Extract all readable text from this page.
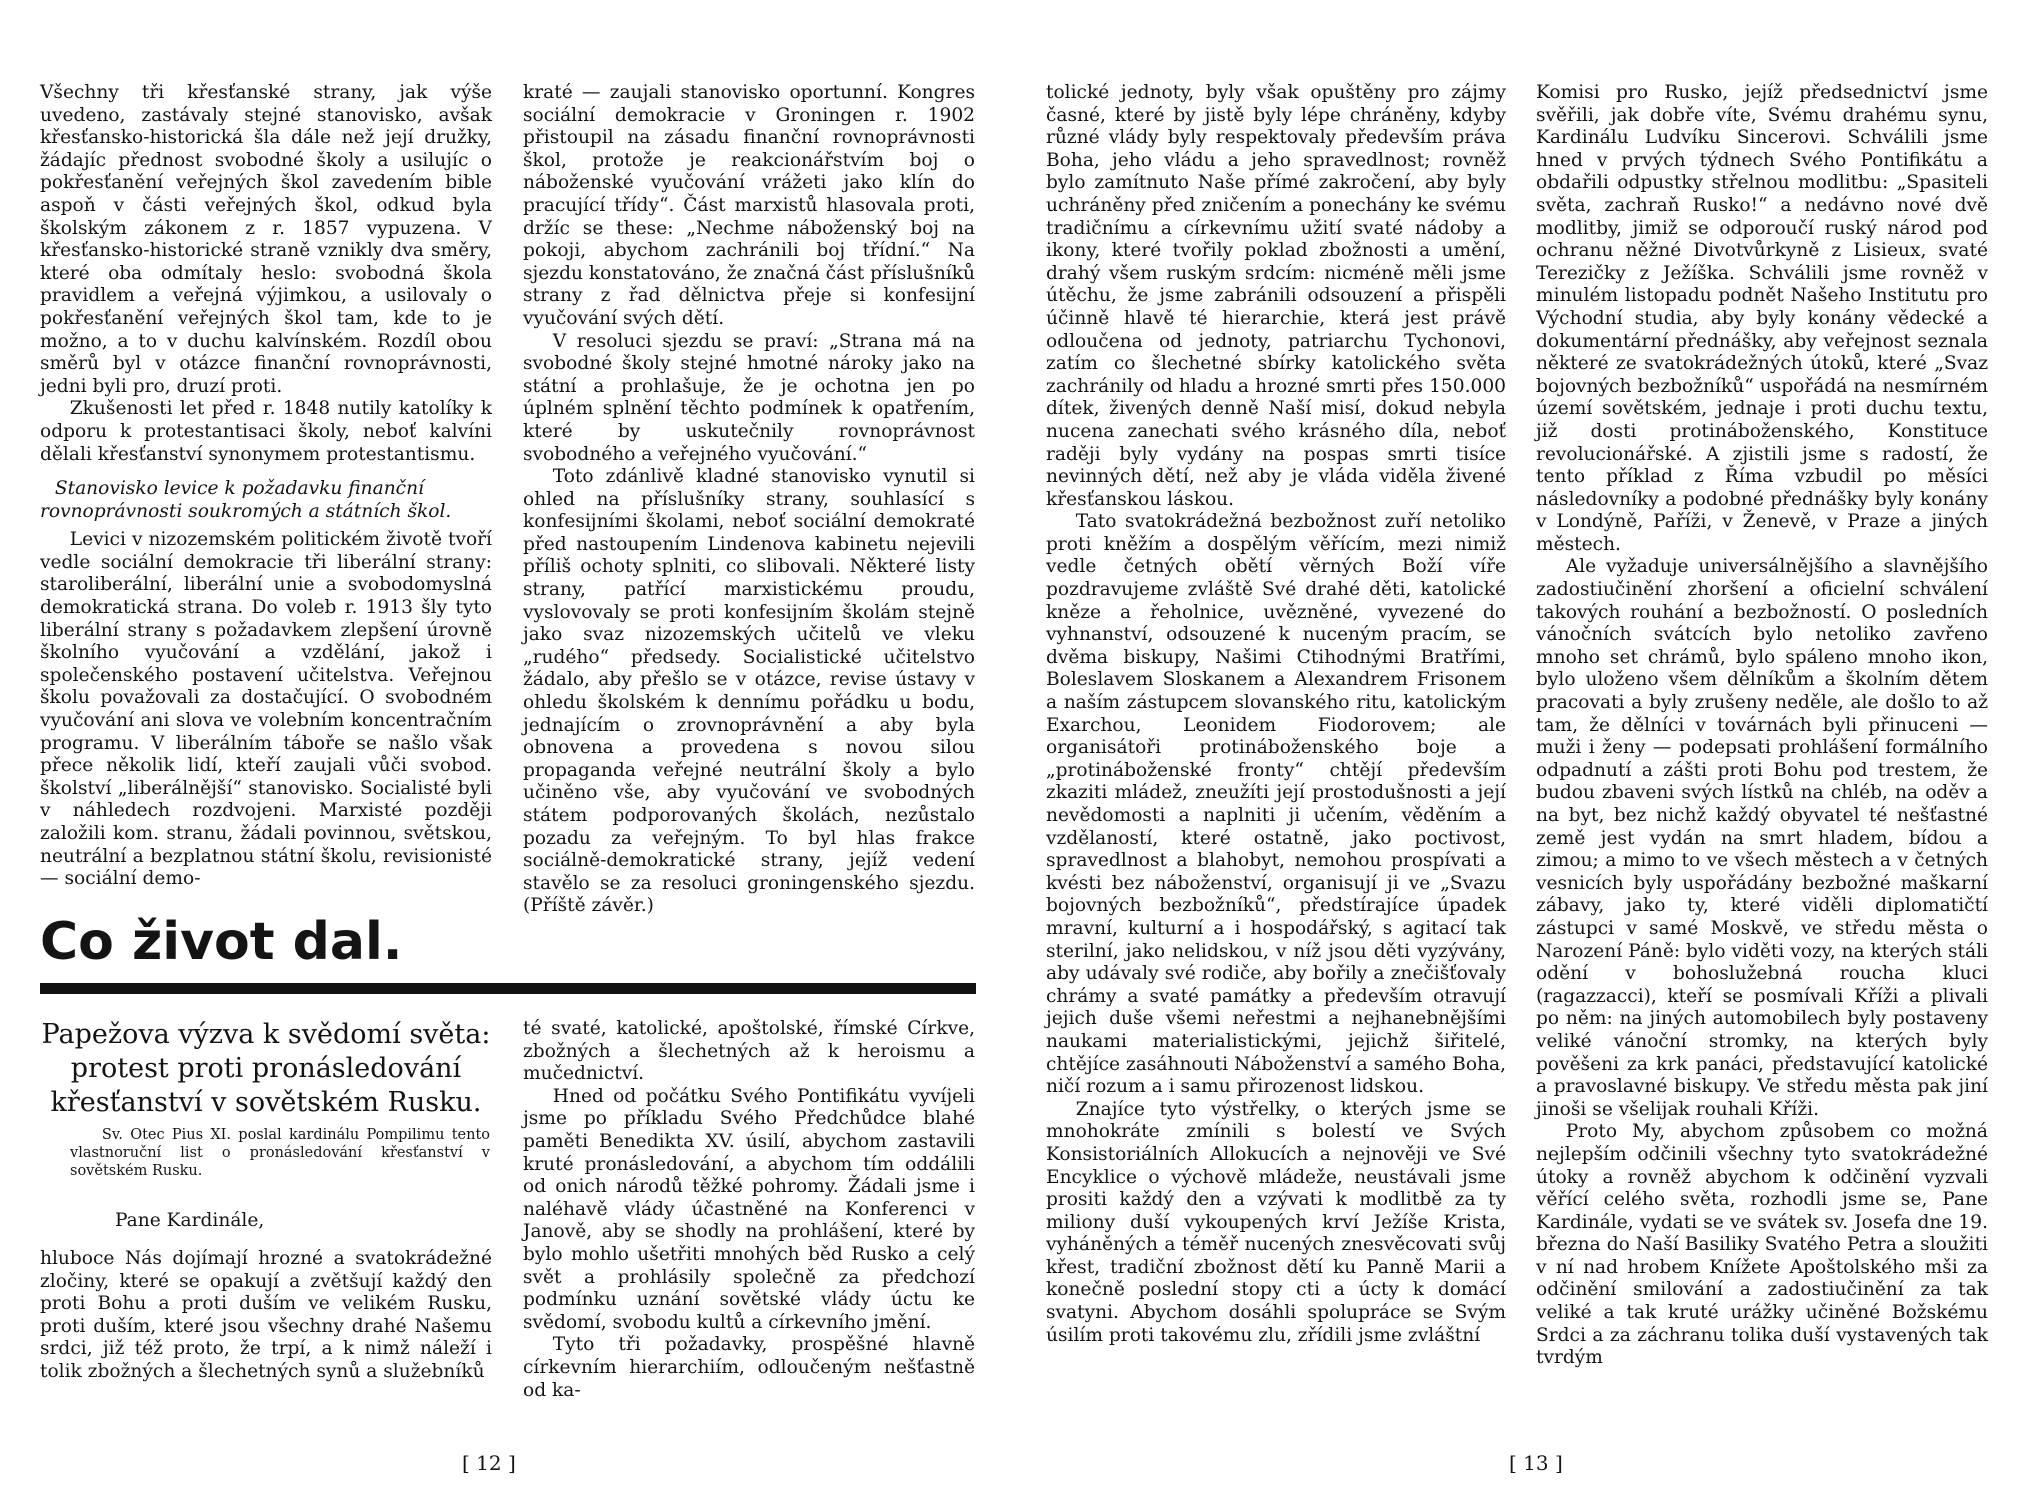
Všechny tři křesťanské strany, jak výše uvedeno, zastávaly stejné stanovisko, avšak křesťansko-historická šla dále než její družky, žádajíc přednost svobodné školy a usilujíc o pokřesťanění veřejných škol zavedením bible aspoň v části veřejných škol, odkud byla školským zákonem z r. 1857 vypuzena. V křesťansko-historické straně vznikly dva směry, které oba odmítaly heslo: svobodná škola pravidlem a veřejná výjimkou, a usilovaly o pokřesťanění veřejných škol tam, kde to je možno, a to v duchu kalvínském. Rozdíl obou směrů byl v otázce finanční rovnoprávnosti, jedni byli pro, druzí proti.

Zkušenosti let před r. 1848 nutily katolíky k odporu k protestantisaci školy, neboť kalvíni dělali křesťanství synonymem protestantismu.

Stanovisko levice k požadavku finanční rovnoprávnosti soukromých a státních škol.

Levici v nizozemském politickém životě tvoří vedle sociální demokracie tři liberální strany: staroliberální, liberální unie a svobodomyslná demokratická strana. Do voleb r. 1913 šly tyto liberální strany s požadavkem zlepšení úrovně školního vyučování a vzdělání, jakož i společenského postavení učitelstva. Veřejnou školu považovali za dostačující. O svobodném vyučování ani slova ve volebním koncentračním programu. V liberálním táboře se našlo však přece několik lidí, kteří zaujali vůči svobod. školství „liberálnější“ stanovisko. Socialisté byli v náhledech rozdvojeni. Marxisté později založili kom. stranu, žádali povinnou, světskou, neutrální a bezplatnou státní školu, revisionisté — sociální demo-

kraté — zaujali stanovisko oportunní. Kongres sociální demokracie v Groningen r. 1902 přistoupil na zásadu finanční rovnoprávnosti škol, protože je reakcionářstvím boj o náboženské vyučování vrážeti jako klín do pracující třídy“. Část marxistů hlasovala proti, držíc se these: „Nechme náboženský boj na pokoji, abychom zachránili boj třídní.“ Na sjezdu konstatováno, že značná část příslušníků strany z řad dělnictva přeje si konfesijní vyučování svých dětí.

V resoluci sjezdu se praví: „Strana má na svobodné školy stejné hmotné nároky jako na státní a prohlašuje, že je ochotna jen po úplném splnění těchto podmínek k opatřením, které by uskutečnily rovnoprávnost svobodného a veřejného vyučování.“

Toto zdánlivě kladné stanovisko vynutil si ohled na příslušníky strany, souhlasící s konfesijními školami, neboť sociální demokraté před nastoupením Lindenova kabinetu nejevili příliš ochoty splniti, co slibovali. Některé listy strany, patřící marxistickému proudu, vyslovovaly se proti konfesijním školám stejně jako svaz nizozemských učitelů ve vleku „rudého“ předsedy. Socialistické učitelstvo žádalo, aby přešlo se v otázce, revise ústavy v ohledu školském k dennímu pořádku u bodu, jednajícím o zrovnoprávnění a aby byla obnovena a provedena s novou silou propaganda veřejné neutrální školy a bylo učiněno vše, aby vyučování ve svobodných státem podporovaných školách, nezůstalo pozadu za veřejným. To byl hlas frakce sociálně-demokratické strany, jejíž vedení stavělo se za resoluci groningenského sjezdu. (Příště závěr.)

Co život dal.
Papežova výzva k svědomí světa: protest proti pronásledování křesťanství v sovětském Rusku.

Sv. Otec Pius XI. poslal kardinálu Pompilimu tento vlastnoruční list o pronásledování křesťanství v sovětském Rusku.

Pane Kardinále,

hluboce Nás dojímají hrozné a svatokrádežné zločiny, které se opakují a zvětšují každý den proti Bohu a proti duším ve velikém Rusku, proti duším, které jsou všechny drahé Našemu srdci, již též proto, že trpí, a k nimž náleží i tolik zbožných a šlechetných synů a služebníků

té svaté, katolické, apoštolské, římské Církve, zbožných a šlechetných až k heroismu a mučednictví.

Hned od počátku Svého Pontifikátu vyvíjeli jsme po příkladu Svého Předchůdce blahé paměti Benedikta XV. úsilí, abychom zastavili kruté pronásledování, a abychom tím oddálili od onich národů těžké pohromy. Žádali jsme i naléhavě vlády účastněné na Konferenci v Janově, aby se shodly na prohlášení, které by bylo mohlo ušetřiti mnohých běd Rusko a celý svět a prohlásily společně za předchozí podmínku uznání sovětské vlády úctu ke svědomí, svobodu kultů a církevního jmění.

Tyto tři požadavky, prospěšné hlavně církevním hierarchiím, odloučeným nešťastně od ka-

[ 12 ]

tolické jednoty, byly však opuštěny pro zájmy časné, které by jistě byly lépe chráněny, kdyby různé vlády byly respektovaly především práva Boha, jeho vládu a jeho spravedlnost; rovněž bylo zamítnuto Naše přímé zakročení, aby byly uchráněny před zničením a ponechány ke svému tradičnímu a církevnímu užití svaté nádoby a ikony, které tvořily poklad zbožnosti a umění, drahý všem ruským srdcím: nicméně měli jsme útěchu, že jsme zabránili odsouzení a přispěli účinně hlavě té hierarchie, která jest právě odloučena od jednoty, patriarchu Tychonovi, zatím co šlechetné sbírky katolického světa zachránily od hladu a hrozné smrti přes 150.000 dítek, živených denně Naší misí, dokud nebyla nucena zanechati svého krásného díla, neboť raději byly vydány na pospas smrti tisíce nevinných dětí, než aby je vláda viděla živené křesťanskou láskou.

Tato svatokrádežná bezbožnost zuří netoliko proti kněžím a dospělým věřícím, mezi nimiž vedle četných obětí věrných Boží víře pozdravujeme zvláště Své drahé děti, katolické kněze a řeholnice, uvězněné, vyvezené do vyhnanství, odsouzené k nuceným pracím, se dvěma biskupy, Našimi Ctihodnými Bratřími, Boleslavem Sloskanem a Alexandrem Frisonem a naším zástupcem slovanského ritu, katolickým Exarchou, Leonidem Fiodorovem; ale organisátoři protináboženského boje a „protináboženské fronty“ chtějí především zkaziti mládež, zneužíti její prostodušnosti a její nevědomosti a naplniti ji učením, věděním a vzdělaností, které ostatně, jako poctivost, spravedlnost a blahobyt, nemohou prospívati a kvésti bez náboženství, organisují ji ve „Svazu bojovných bezbožníků“, předstírajíce úpadek mravní, kulturní a i hospodářský, s agitací tak sterilní, jako nelidskou, v níž jsou děti vyzývány, aby udávaly své rodiče, aby bořily a znečišťovaly chrámy a svaté památky a především otravují jejich duše všemi neřestmi a nejhanebnějšími naukami materialistickými, jejichž šiřitelé, chtějíce zasáhnouti Náboženství a samého Boha, ničí rozum a i samu přirozenost lidskou.

Znajíce tyto výstřelky, o kterých jsme se mnohokráte zmínili s bolestí ve Svých Konsistoriálních Allokucích a nejnověji ve Své Encyklice o výchově mládeže, neustávali jsme prositi každý den a vzývati k modlitbě za ty miliony duší vykoupených krví Ježíše Krista, vyháněných a téměř nucených znesvěcovati svůj křest, tradiční zbožnost dětí ku Panně Marii a konečně poslední stopy cti a úcty k domácí svatyni. Abychom dosáhli spolupráce se Svým úsilím proti takovému zlu, zřídili jsme zvláštní

Komisi pro Rusko, jejíž předsednictví jsme svěřili, jak dobře víte, Svému drahému synu, Kardinálu Ludvíku Sincerovi. Schválili jsme hned v prvých týdnech Svého Pontifikátu a obdařili odpustky střelnou modlitbu: „Spasiteli světa, zachraň Rusko!“ a nedávno nové dvě modlitby, jimiž se odporoučí ruský národ pod ochranu něžné Divotvůrkyně z Lisieux, svaté Terezičky z Ježíška. Schválili jsme rovněž v minulém listopadu podnět Našeho Institutu pro Východní studia, aby byly konány vědecké a dokumentární přednášky, aby veřejnost seznala některé ze svatokrádežných útoků, které „Svaz bojovných bezbožníků“ uspořádá na nesmírném území sovětském, jednaje i proti duchu textu, již dosti protináboženského, Konstituce revolucionářské. A zjistili jsme s radostí, že tento příklad z Říma vzbudil po měsíci následovníky a podobné přednášky byly konány v Londýně, Paříži, v Ženevě, v Praze a jiných městech.

Ale vyžaduje universálnějšího a slavnějšího zadostiučinění zhoršení a oficielní schválení takových rouhání a bezbožností. O posledních vánočních svátcích bylo netoliko zavřeno mnoho set chrámů, bylo spáleno mnoho ikon, bylo uloženo všem dělníkům a školním dětem pracovati a byly zrušeny neděle, ale došlo to až tam, že dělníci v továrnách byli přinuceni — muži i ženy — podepsati prohlášení formálního odpadnutí a zášti proti Bohu pod trestem, že budou zbaveni svých lístků na chléb, na oděv a na byt, bez nichž každý obyvatel té nešťastné země jest vydán na smrt hladem, bídou a zimou; a mimo to ve všech městech a v četných vesnicích byly uspořádány bezbožné maškarní zábavy, jako ty, které viděli diplomatičtí zástupci v samé Moskvě, ve středu města o Narození Páně: bylo viděti vozy, na kterých stáli odění v bohoslužebná roucha kluci (ragazzacci), kteří se posmívali Kříži a plivali po něm: na jiných automobilech byly postaveny veliké vánoční stromky, na kterých byly pověšeni za krk panáci, představující katolické a pravoslavné biskupy. Ve středu města pak jiní jinoši se všelijak rouhali Kříži.

Proto My, abychom způsobem co možná nejlepším odčinili všechny tyto svatokrádežné útoky a rovněž abychom k odčinění vyzvali věřící celého světa, rozhodli jsme se, Pane Kardinále, vydati se ve svátek sv. Josefa dne 19. března do Naší Basiliky Svatého Petra a sloužiti v ní nad hrobem Knížete Apoštolského mši za odčinění smilování a zadostiučinění za tak veliké a tak kruté urážky učiněné Božskému Srdci a za záchranu tolika duší vystavených tak tvrdým

[ 13 ]
